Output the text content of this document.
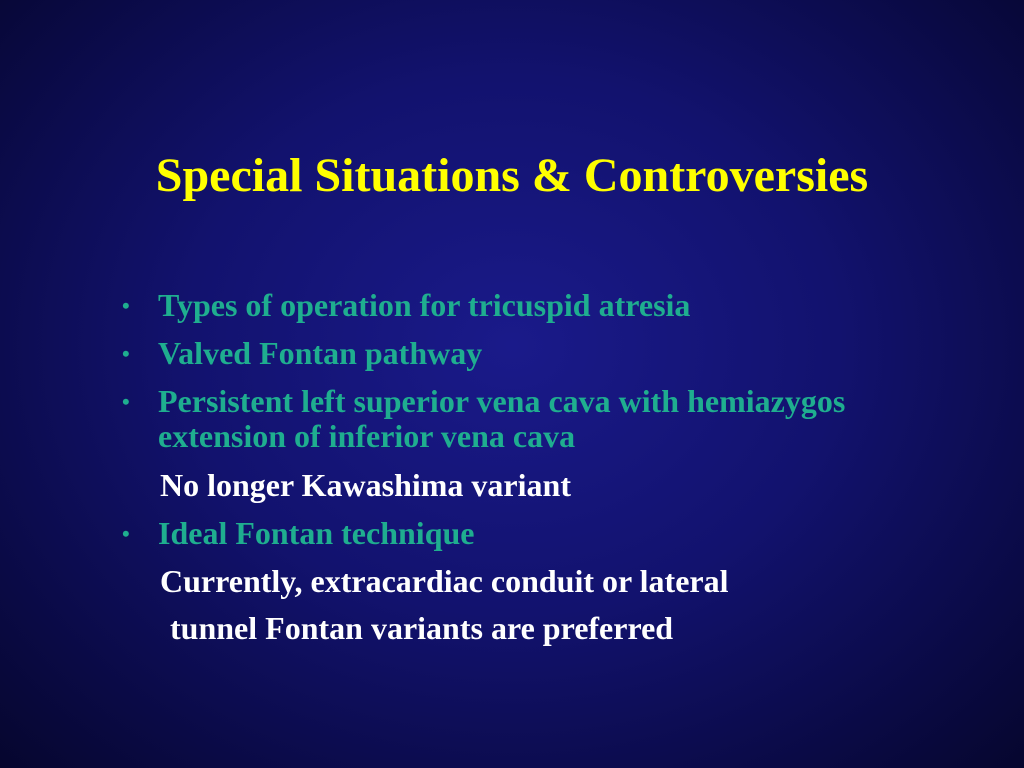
Special Situations & Controversies
• Types of operation for tricuspid atresia
• Valved Fontan pathway
• Persistent left superior vena cava with hemiazygos extension of inferior vena cava
No longer Kawashima variant
• Ideal Fontan technique
Currently, extracardiac conduit or lateral
tunnel Fontan variants are preferred
